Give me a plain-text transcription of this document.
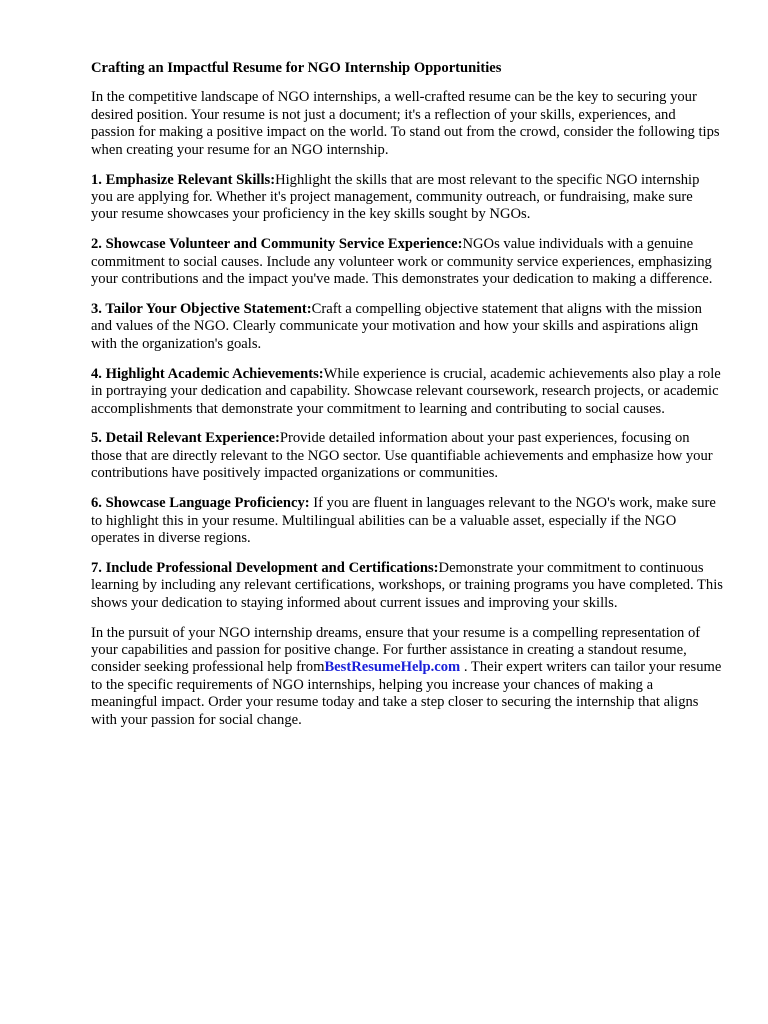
Crafting an Impactful Resume for NGO Internship Opportunities

In the competitive landscape of NGO internships, a well-crafted resume can be the key to securing your desired position. Your resume is not just a document; it's a reflection of your skills, experiences, and passion for making a positive impact on the world. To stand out from the crowd, consider the following tips when creating your resume for an NGO internship.

1. Emphasize Relevant Skills:Highlight the skills that are most relevant to the specific NGO internship you are applying for. Whether it's project management, community outreach, or fundraising, make sure your resume showcases your proficiency in the key skills sought by NGOs.

2. Showcase Volunteer and Community Service Experience:NGOs value individuals with a genuine commitment to social causes. Include any volunteer work or community service experiences, emphasizing your contributions and the impact you've made. This demonstrates your dedication to making a difference.

3. Tailor Your Objective Statement:Craft a compelling objective statement that aligns with the mission and values of the NGO. Clearly communicate your motivation and how your skills and aspirations align with the organization's goals.

4. Highlight Academic Achievements:While experience is crucial, academic achievements also play a role in portraying your dedication and capability. Showcase relevant coursework, research projects, or academic accomplishments that demonstrate your commitment to learning and contributing to social causes.

5. Detail Relevant Experience:Provide detailed information about your past experiences, focusing on those that are directly relevant to the NGO sector. Use quantifiable achievements and emphasize how your contributions have positively impacted organizations or communities.

6. Showcase Language Proficiency: If you are fluent in languages relevant to the NGO's work, make sure to highlight this in your resume. Multilingual abilities can be a valuable asset, especially if the NGO operates in diverse regions.

7. Include Professional Development and Certifications:Demonstrate your commitment to continuous learning by including any relevant certifications, workshops, or training programs you have completed. This shows your dedication to staying informed about current issues and improving your skills.

In the pursuit of your NGO internship dreams, ensure that your resume is a compelling representation of your capabilities and passion for positive change. For further assistance in creating a standout resume, consider seeking professional help fromBestResumeHelp.com . Their expert writers can tailor your resume to the specific requirements of NGO internships, helping you increase your chances of making a meaningful impact. Order your resume today and take a step closer to securing the internship that aligns with your passion for social change.
